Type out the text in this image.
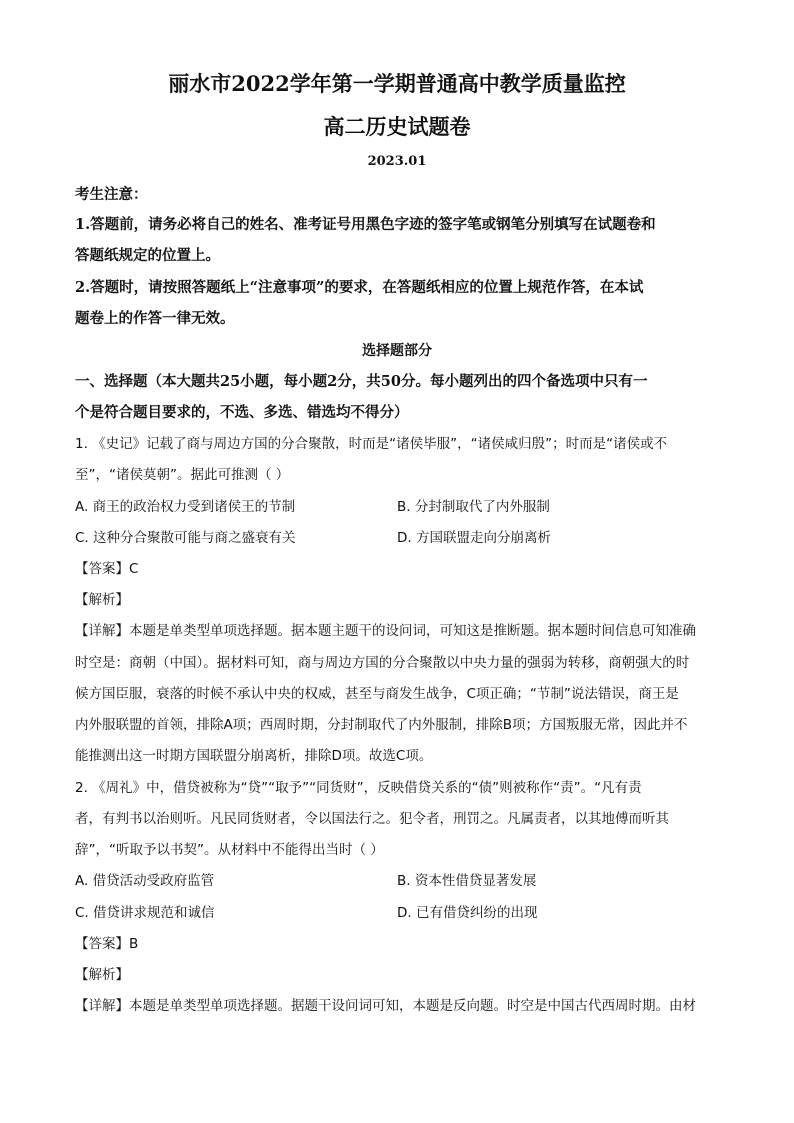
丽水市2022学年第一学期普通高中教学质量监控
高二历史试题卷
2023.01
考生注意：
1.答题前，请务必将自己的姓名、准考证号用黑色字迹的签字笔或钢笔分别填写在试题卷和
答题纸规定的位置上。
2.答题时，请按照答题纸上“注意事项”的要求，在答题纸相应的位置上规范作答，在本试
题卷上的作答一律无效。
选择题部分
一、选择题（本大题共25小题，每小题2分，共50分。每小题列出的四个备选项中只有一
个是符合题目要求的，不选、多选、错选均不得分）
1. 《史记》记载了商与周边方国的分合聚散，时而是“诸侯毕服”，“诸侯咸归殷”；时而是“诸侯或不
至”，“诸侯莫朝”。据此可推测（ ）
A. 商王的政治权力受到诸侯王的节制	B. 分封制取代了内外服制
C. 这种分合聚散可能与商之盛衰有关	D. 方国联盟走向分崩离析
【答案】C
【解析】
【详解】本题是单类型单项选择题。据本题主题干的设问词，可知这是推断题。据本题时间信息可知准确
时空是：商朝（中国）。据材料可知，商与周边方国的分合聚散以中央力量的强弱为转移，商朝强大的时
候方国臣服，衰落的时候不承认中央的权威，甚至与商发生战争，C项正确；“节制”说法错误，商王是
内外服联盟的首领，排除A项；西周时期，分封制取代了内外服制，排除B项；方国叛服无常，因此并不
能推测出这一时期方国联盟分崩离析，排除D项。故选C项。
2. 《周礼》中，借贷被称为“贷”“取予”“同货财”，反映借贷关系的“债”则被称作“责”。“凡有责
者，有判书以治则听。凡民同货财者，令以国法行之。犯令者，刑罚之。凡属责者，以其地傅而听其
辞”，“听取予以书契”。从材料中不能得出当时（ ）
A. 借贷活动受政府监管	B. 资本性借贷显著发展
C. 借贷讲求规范和诚信	D. 已有借贷纠纷的出现
【答案】B
【解析】
【详解】本题是单类型单项选择题。据题干设问词可知，本题是反向题。时空是中国古代西周时期。由材
